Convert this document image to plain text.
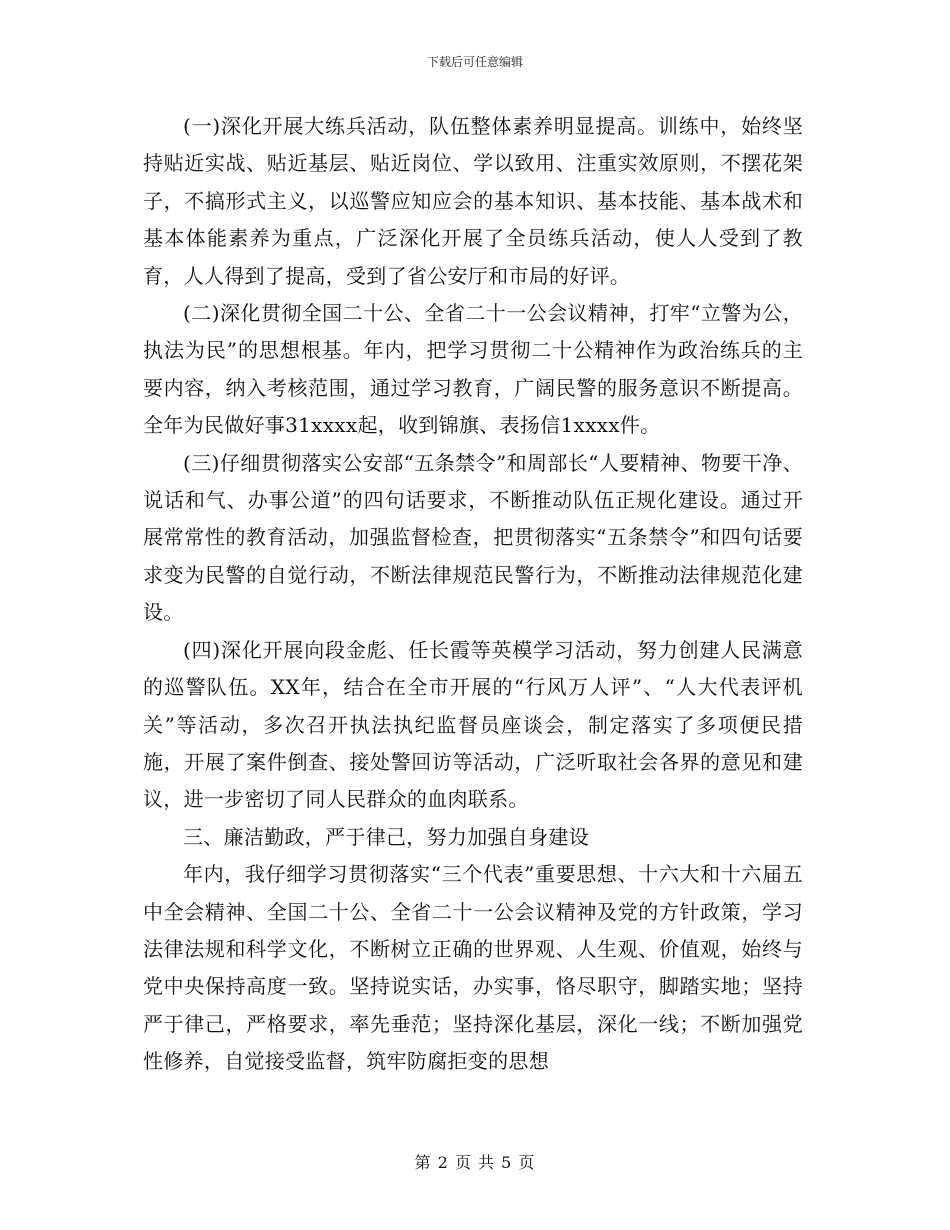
下载后可任意编辑

(一)深化开展大练兵活动，队伍整体素养明显提高。训练中，始终坚持贴近实战、贴近基层、贴近岗位、学以致用、注重实效原则，不摆花架子，不搞形式主义，以巡警应知应会的基本知识、基本技能、基本战术和基本体能素养为重点，广泛深化开展了全员练兵活动，使人人受到了教育，人人得到了提高，受到了省公安厅和市局的好评。

(二)深化贯彻全国二十公、全省二十一公会议精神，打牢“立警为公，执法为民”的思想根基。年内，把学习贯彻二十公精神作为政治练兵的主要内容，纳入考核范围，通过学习教育，广阔民警的服务意识不断提高。全年为民做好事31xxxx起，收到锦旗、表扬信1xxxx件。

(三)仔细贯彻落实公安部“五条禁令”和周部长“人要精神、物要干净、说话和气、办事公道”的四句话要求，不断推动队伍正规化建设。通过开展常常性的教育活动，加强监督检查，把贯彻落实“五条禁令”和四句话要求变为民警的自觉行动，不断法律规范民警行为，不断推动法律规范化建设。

(四)深化开展向段金彪、任长霞等英模学习活动，努力创建人民满意的巡警队伍。XX年，结合在全市开展的“行风万人评”、“人大代表评机关”等活动，多次召开执法执纪监督员座谈会，制定落实了多项便民措施，开展了案件倒查、接处警回访等活动，广泛听取社会各界的意见和建议，进一步密切了同人民群众的血肉联系。

三、廉洁勤政，严于律己，努力加强自身建设

年内，我仔细学习贯彻落实“三个代表”重要思想、十六大和十六届五中全会精神、全国二十公、全省二十一公会议精神及党的方针政策，学习法律法规和科学文化，不断树立正确的世界观、人生观、价值观，始终与党中央保持高度一致。坚持说实话，办实事，恪尽职守，脚踏实地；坚持严于律己，严格要求，率先垂范；坚持深化基层，深化一线；不断加强党性修养，自觉接受监督，筑牢防腐拒变的思想

第 2 页 共 5 页
